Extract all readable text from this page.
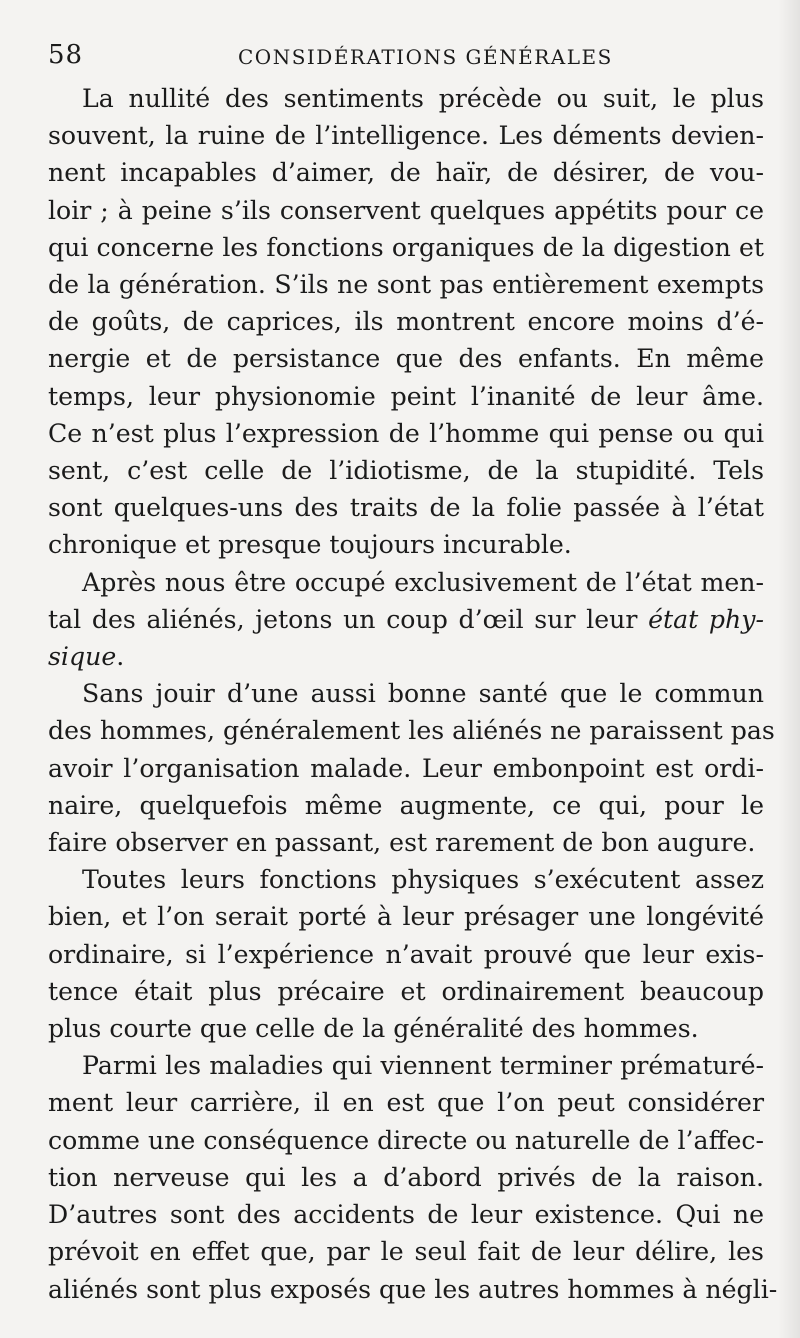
58	CONSIDÉRATIONS GÉNÉRALES

La nullité des sentiments précède ou suit, le plus
souvent, la ruine de l’intelligence. Les déments devien-
nent incapables d’aimer, de haïr, de désirer, de vou-
loir ; à peine s’ils conservent quelques appétits pour ce
qui concerne les fonctions organiques de la digestion et
de la génération. S’ils ne sont pas entièrement exempts
de goûts, de caprices, ils montrent encore moins d’é-
nergie et de persistance que des enfants. En même
temps, leur physionomie peint l’inanité de leur âme.
Ce n’est plus l’expression de l’homme qui pense ou qui
sent, c’est celle de l’idiotisme, de la stupidité. Tels
sont quelques-uns des traits de la folie passée à l’état
chronique et presque toujours incurable.

Après nous être occupé exclusivement de l’état men-
tal des aliénés, jetons un coup d’œil sur leur état phy-
sique.

Sans jouir d’une aussi bonne santé que le commun
des hommes, généralement les aliénés ne paraissent pas
avoir l’organisation malade. Leur embonpoint est ordi-
naire, quelquefois même augmente, ce qui, pour le
faire observer en passant, est rarement de bon augure.

Toutes leurs fonctions physiques s’exécutent assez
bien, et l’on serait porté à leur présager une longévité
ordinaire, si l’expérience n’avait prouvé que leur exis-
tence était plus précaire et ordinairement beaucoup
plus courte que celle de la généralité des hommes.

Parmi les maladies qui viennent terminer prématuré-
ment leur carrière, il en est que l’on peut considérer
comme une conséquence directe ou naturelle de l’affec-
tion nerveuse qui les a d’abord privés de la raison.
D’autres sont des accidents de leur existence. Qui ne
prévoit en effet que, par le seul fait de leur délire, les
aliénés sont plus exposés que les autres hommes à négli-
